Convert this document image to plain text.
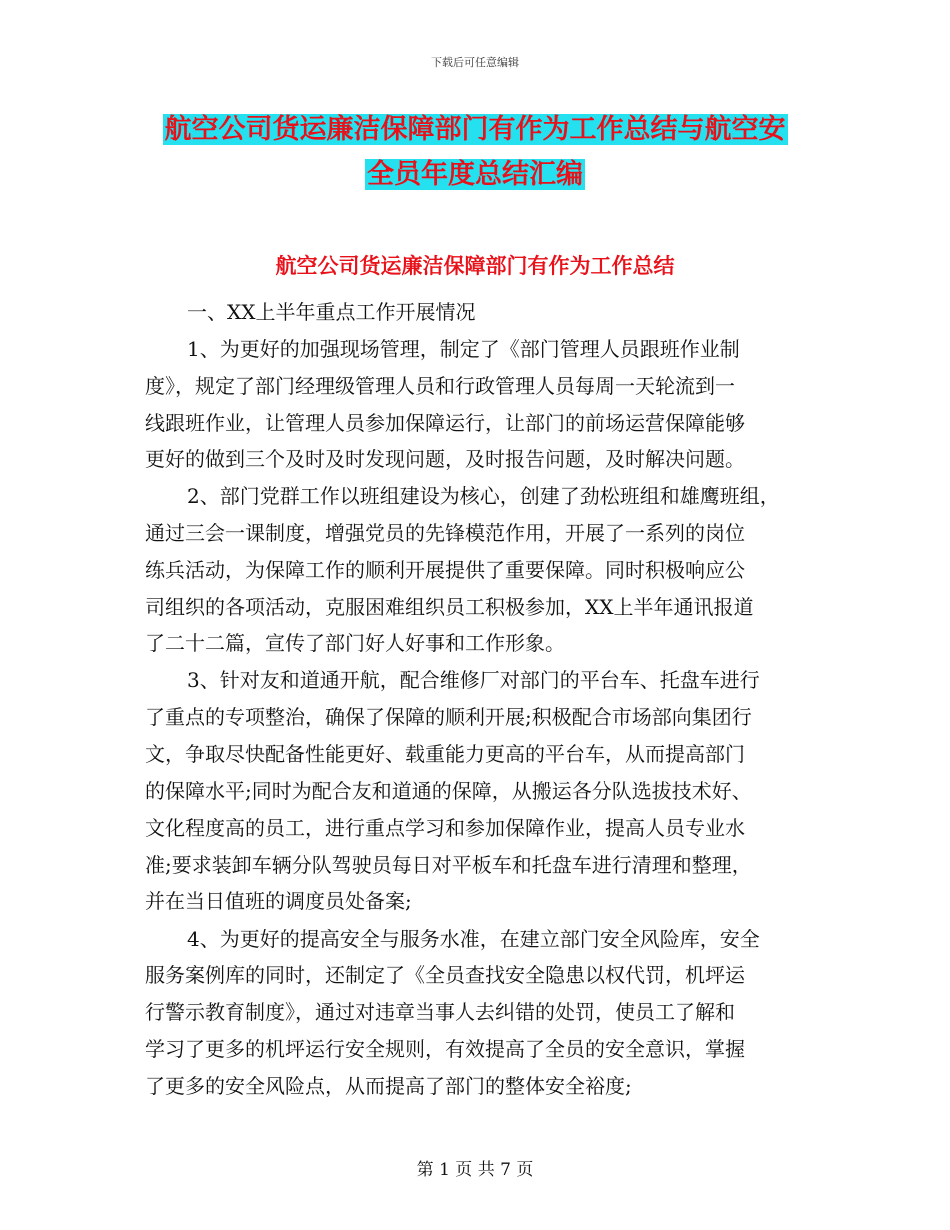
下载后可任意编辑
航空公司货运廉洁保障部门有作为工作总结与航空安
全员年度总结汇编
航空公司货运廉洁保障部门有作为工作总结
一、XX上半年重点工作开展情况
1、为更好的加强现场管理，制定了《部门管理人员跟班作业制
度》，规定了部门经理级管理人员和行政管理人员每周一天轮流到一
线跟班作业，让管理人员参加保障运行，让部门的前场运营保障能够
更好的做到三个及时及时发现问题，及时报告问题，及时解决问题。
2、部门党群工作以班组建设为核心，创建了劲松班组和雄鹰班组，
通过三会一课制度，增强党员的先锋模范作用，开展了一系列的岗位
练兵活动，为保障工作的顺利开展提供了重要保障。同时积极响应公
司组织的各项活动，克服困难组织员工积极参加，XX上半年通讯报道
了二十二篇，宣传了部门好人好事和工作形象。
3、针对友和道通开航，配合维修厂对部门的平台车、托盘车进行
了重点的专项整治，确保了保障的顺利开展;积极配合市场部向集团行
文，争取尽快配备性能更好、载重能力更高的平台车，从而提高部门
的保障水平;同时为配合友和道通的保障，从搬运各分队选拔技术好、
文化程度高的员工，进行重点学习和参加保障作业，提高人员专业水
准;要求装卸车辆分队驾驶员每日对平板车和托盘车进行清理和整理，
并在当日值班的调度员处备案;
4、为更好的提高安全与服务水准，在建立部门安全风险库，安全
服务案例库的同时，还制定了《全员查找安全隐患以权代罚，机坪运
行警示教育制度》，通过对违章当事人去纠错的处罚，使员工了解和
学习了更多的机坪运行安全规则，有效提高了全员的安全意识，掌握
了更多的安全风险点，从而提高了部门的整体安全裕度;
第 1 页 共 7 页
